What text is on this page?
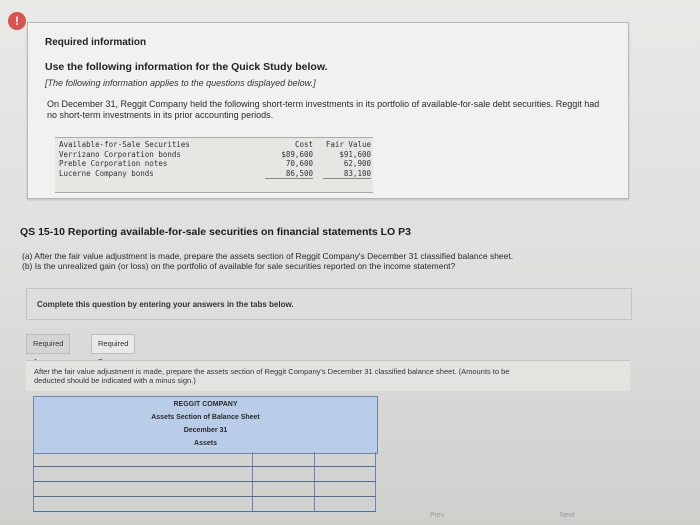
!
Required information
Use the following information for the Quick Study below.
[The following information applies to the questions displayed below.]
On December 31, Reggit Company held the following short-term investments in its portfolio of available-for-sale debt securities. Reggit had no short-term investments in its prior accounting periods.
Available-for-Sale Securities
Verrizano Corporation bonds
Preble Corporation notes
Lucerne Company bonds
Cost
$89,600
70,600
86,500
Fair Value
$91,600
62,900
83,100
QS 15-10 Reporting available-for-sale securities on financial statements LO P3
(a) After the fair value adjustment is made, prepare the assets section of Reggit Company's December 31 classified balance sheet.
(b) Is the unrealized gain (or loss) on the portfolio of available for sale securities reported on the income statement?
Complete this question by entering your answers in the tabs below.
Required	Required
After the fair value adjustment is made, prepare the assets section of Reggit Company's December 31 classified balance sheet. (Amounts to be deducted should be indicated with a minus sign.)
REGGIT COMPANY
Assets Section of Balance Sheet
December 31
Assets
Prev	Next
